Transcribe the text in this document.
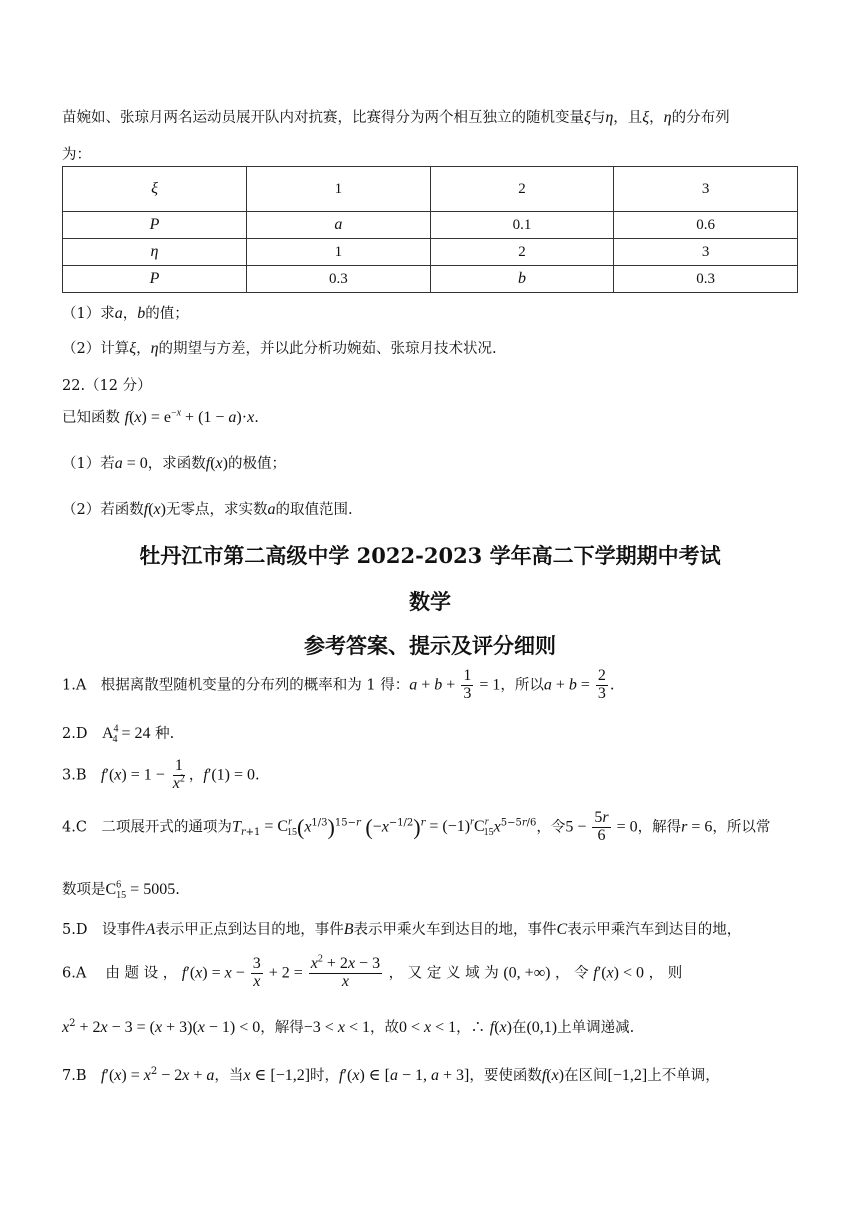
苗婉如、张琼月两名运动员展开队内对抗赛，比赛得分为两个相互独立的随机变量ξ与η，且ξ，η的分布列
为：
ξ	1	2	3
P	a	0.1	0.6
η	1	2	3
P	0.3	b	0.3
（1）求a，b的值；
（2）计算ξ，η的期望与方差，并以此分析功婉茹、张琼月技术状况.
22.（12 分）
已知函数 $f(x) = e^{-x} + (1 - a)\cdot x$.
（1）若a = 0，求函数f(x)的极值；
（2）若函数f(x)无零点，求实数a的取值范围.
牡丹江市第二高级中学 2022-2023 学年高二下学期期中考试
数学
参考答案、提示及评分细则
1.A　根据离散型随机变量的分布列的概率和为 1 得：$a + b + \frac{1}{3} = 1$，所以$a + b = \frac{2}{3}$ .
2.D　$A^4_4 = 24$ 种.
3.B　$f'(x) = 1 - \frac{1}{x^2}$ ，f′(1) = 0.
4.C　二项展开式的通项为$T_{r+1} = C^r_{15}(x^{1/3})^{15-r}$ $(-x^{-1/2})^r = (-1)^rC^r_{15}x^{5-5r/6}$，令$5 - \frac{5r}{6} = 0$，解得r = 6，所以常
数项是$C^6_{15} = 5005$.
5.D　设事件A表示甲正点到达目的地，事件B表示甲乘火车到达目的地，事件C表示甲乘汽车到达目的地，
6.A　 由 题 设 ， $f'(x) = x - \frac{3}{x} + 2 = \frac{x^2 + 2x - 3}{x}$ ， 又 定 义 域 为 (0, +∞) ， 令 f′(x) < 0 ， 则
$x^2 + 2x - 3 = (x + 3)(x - 1) < 0$，解得−3 < x < 1，故0 < x < 1，∴ f(x)在(0,1)上单调递减.
7.B　$f'(x) = x^2 - 2x + a$，当x ∈ [−1,2]时，f′(x) ∈ [a − 1, a + 3]，要使函数f(x)在区间[−1,2]上不单调，
